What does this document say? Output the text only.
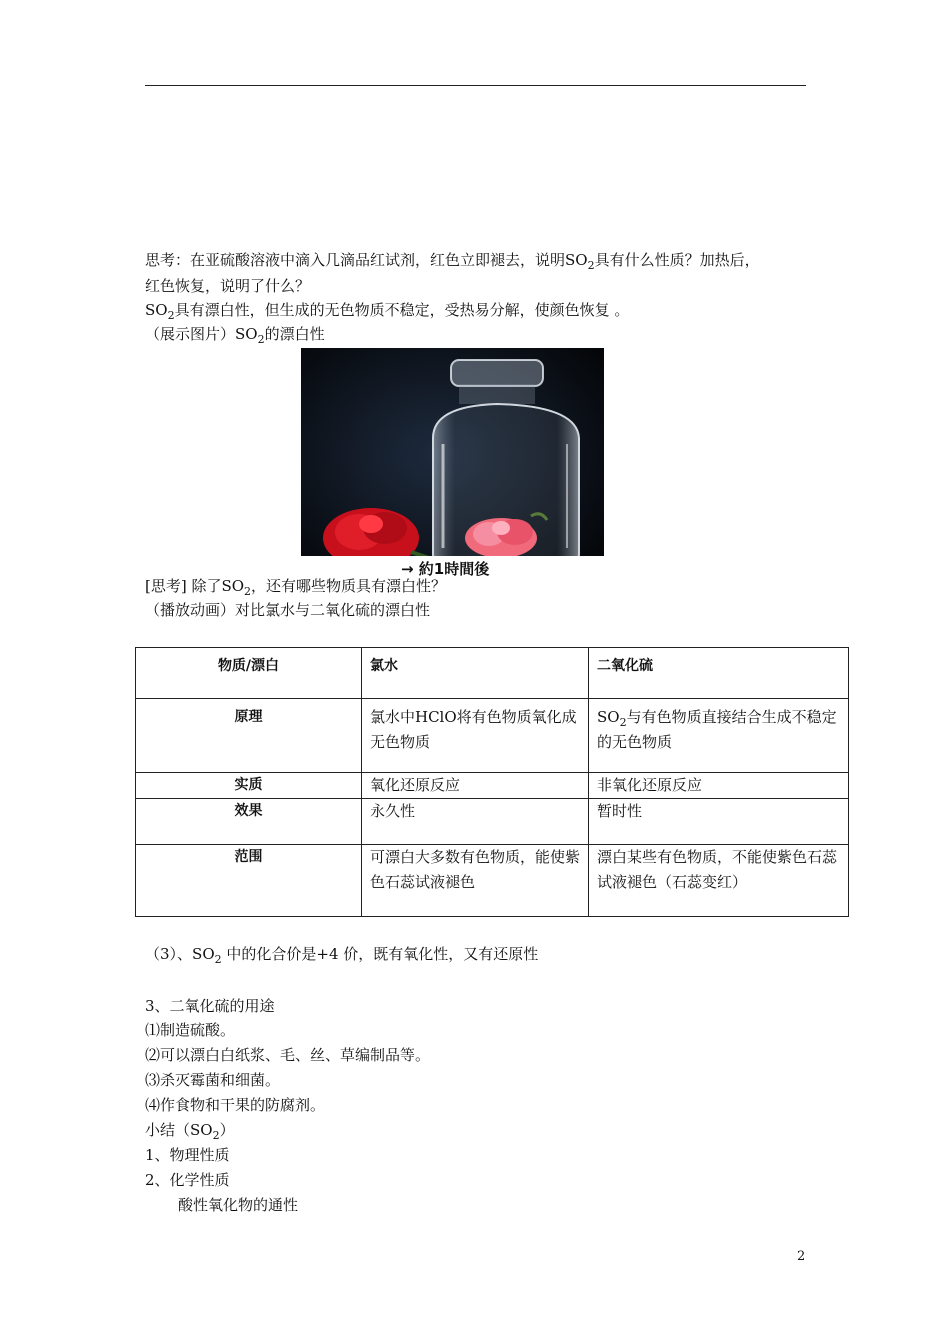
思考：在亚硫酸溶液中滴入几滴品红试剂，红色立即褪去，说明$SO_2$具有什么性质？加热后，
红色恢复，说明了什么？
$SO_2$具有漂白性，但生成的无色物质不稳定，受热易分解，使颜色恢复 。
（展示图片）$SO_2$的漂白性
→ 約1時間後
[思考] 除了$SO_2$，还有哪些物质具有漂白性？
（播放动画）对比氯水与二氧化硫的漂白性
物质/漂白	氯水	二氧化硫
原理	氯水中HClO将有色物质氧化成无色物质	$SO_2$与有色物质直接结合生成不稳定的无色物质
实质	氧化还原反应	非氧化还原反应
效果	永久性	暂时性
范围	可漂白大多数有色物质，能使紫色石蕊试液褪色	漂白某些有色物质，不能使紫色石蕊试液褪色（石蕊变红）
（3）、$SO_2$ 中的化合价是+4 价，既有氧化性，又有还原性
3、二氧化硫的用途
⑴制造硫酸。
⑵可以漂白白纸浆、毛、丝、草编制品等。
⑶杀灭霉菌和细菌。
⑷作食物和干果的防腐剂。
小结$(SO_2)$
1、物理性质
2、化学性质
酸性氧化物的通性
2
